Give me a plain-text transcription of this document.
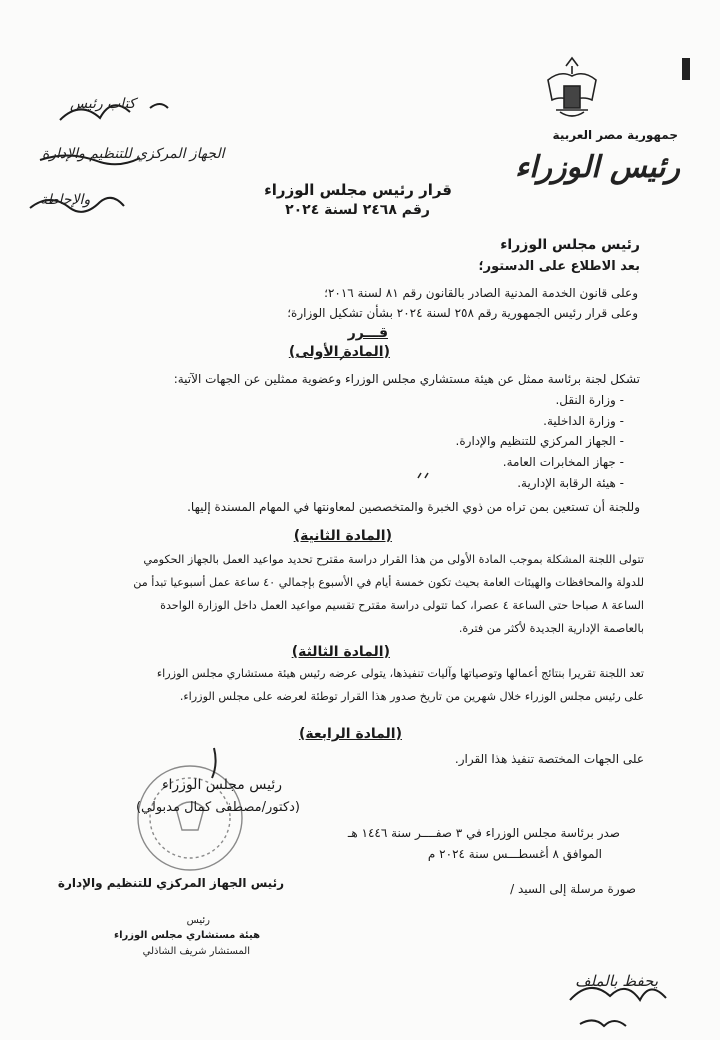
جمهورية مصر العربية
رئيس الوزراء
كتاب رئيس
الجهاز المركزي للتنظيم والإدارة
والإحاطة
قرار رئيس مجلس الوزراء
رقم ٢٤٦٨ لسنة ٢٠٢٤
رئيس مجلس الوزراء
بعد الاطلاع على الدستور؛
وعلى قانون الخدمة المدنية الصادر بالقانون رقم ٨١ لسنة ٢٠١٦؛
وعلى قرار رئيس الجمهورية رقم ٢٥٨ لسنة ٢٠٢٤ بشأن تشكيل الوزارة؛
قـــرر
(المادة الأولى)
تشكل لجنة برئاسة ممثل عن هيئة مستشاري مجلس الوزراء وعضوية ممثلين عن الجهات الآتية:
- وزارة النقل.
- وزارة الداخلية.
- الجهاز المركزي للتنظيم والإدارة.
- جهاز المخابرات العامة.
- هيئة الرقابة الإدارية.
وللجنة أن تستعين بمن تراه من ذوي الخبرة والمتخصصين لمعاونتها في المهام المسندة إليها.
(المادة الثانية)
تتولى اللجنة المشكلة بموجب المادة الأولى من هذا القرار دراسة مقترح تحديد مواعيد العمل بالجهاز الحكومي
للدولة والمحافظات والهيئات العامة بحيث تكون خمسة أيام في الأسبوع بإجمالي ٤٠ ساعة عمل أسبوعيا تبدأ من
الساعة ٨ صباحا حتى الساعة ٤ عصرا، كما تتولى دراسة مقترح تقسيم مواعيد العمل داخل الوزارة الواحدة
بالعاصمة الإدارية الجديدة لأكثر من فترة.
(المادة الثالثة)
تعد اللجنة تقريرا بنتائج أعمالها وتوصياتها وآليات تنفيذها، يتولى عرضه رئيس هيئة مستشاري مجلس الوزراء
على رئيس مجلس الوزراء خلال شهرين من تاريخ صدور هذا القرار توطئة لعرضه على مجلس الوزراء.
(المادة الرابعة)
على الجهات المختصة تنفيذ هذا القرار.
رئيس مجلس الوزراء
(دكتور/مصطفى كمال مدبولي)
صدر برئاسة مجلس الوزراء في ٣ صفــــر سنة ١٤٤٦ هـ
الموافق ٨ أغسطـــس سنة ٢٠٢٤ م
رئيس الجهاز المركزي للتنظيم والإدارة	صورة مرسلة إلى السيد /
رئيس
هيئة مستشاري مجلس الوزراء
المستشار شريف الشاذلي
يحفظ بالملف
